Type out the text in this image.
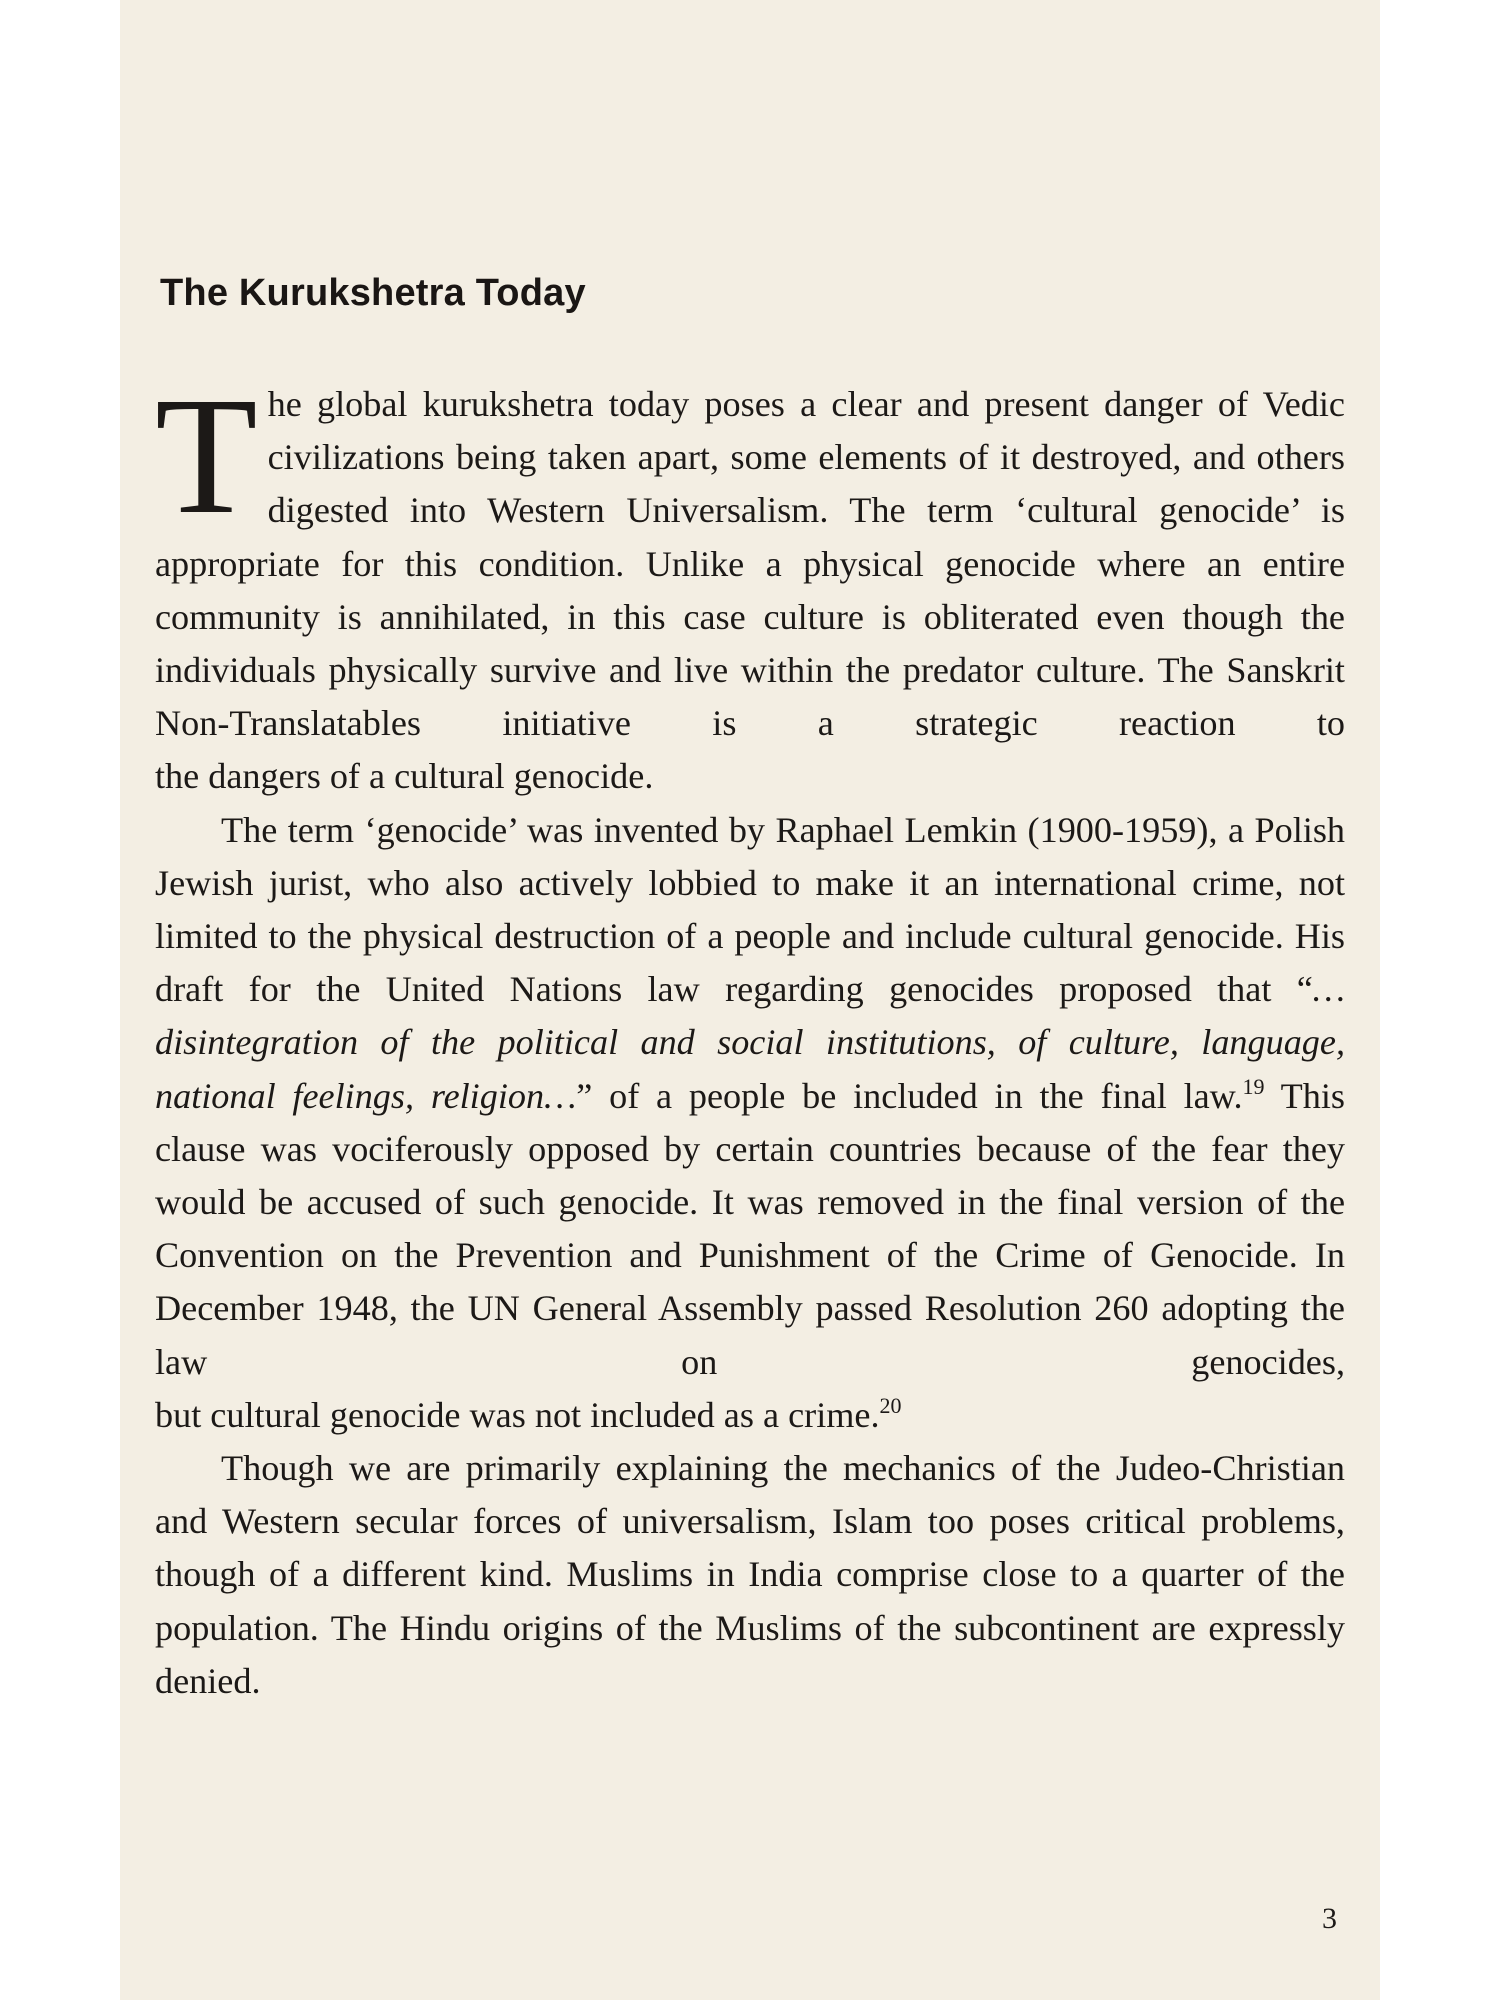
The Kurukshetra Today

T he global kurukshetra today poses a clear and present danger of Vedic civilizations being taken apart, some elements of it destroyed, and others digested into Western Universalism. The term ‘cultural genocide’ is appropriate for this condition. Unlike a physical genocide where an entire community is annihilated, in this case culture is obliterated even though the individuals physically survive and live within the predator culture. The Sanskrit Non-Translatables initiative is a strategic reaction to

the dangers of a cultural genocide.

The term ‘genocide’ was invented by Raphael Lemkin (1900-1959), a Polish Jewish jurist, who also actively lobbied to make it an international crime, not limited to the physical destruction of a people and include cultural genocide. His draft for the United Nations law regarding genocides proposed that “…disintegration of the political and social institutions, of culture, language, national feelings, religion…” of a people be included in the final law.$^{19}$ This clause was vociferously opposed by certain countries because of the fear they would be accused of such genocide. It was removed in the final version of the Convention on the Prevention and Punishment of the Crime of Genocide. In December 1948, the UN General Assembly passed Resolution 260 adopting the law on genocides,

but cultural genocide was not included as a crime.$^{20}$

Though we are primarily explaining the mechanics of the Judeo-Christian and Western secular forces of universalism, Islam too poses critical problems, though of a different kind. Muslims in India comprise close to a quarter of the population. The Hindu origins of the Muslims of the subcontinent are expressly denied.

3
